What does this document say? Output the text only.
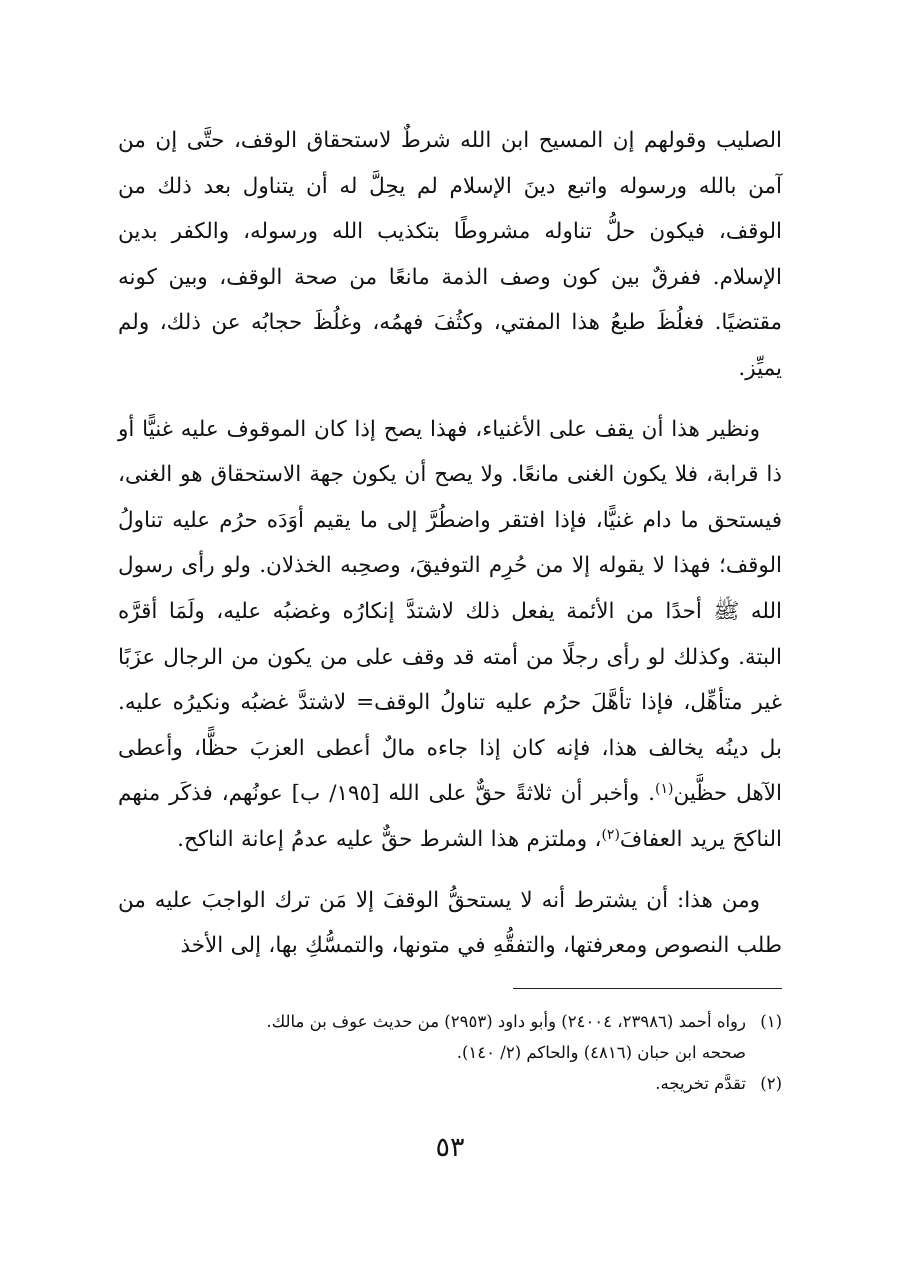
الصليب وقولهم إن المسيح ابن الله شرطٌ لاستحقاق الوقف، حتَّى إن من آمن بالله ورسوله واتبع دينَ الإسلام لم يحِلَّ له أن يتناول بعد ذلك من الوقف، فيكون حلُّ تناوله مشروطًا بتكذيب الله ورسوله، والكفر بدين الإسلام. ففرقٌ بين كون وصف الذمة مانعًا من صحة الوقف، وبين كونه مقتضيًا. فغلُظَ طبعُ هذا المفتي، وكثُفَ فهمُه، وغلُظَ حجابُه عن ذلك، ولم يميِّز.

ونظير هذا أن يقف على الأغنياء، فهذا يصح إذا كان الموقوف عليه غنيًّا أو ذا قرابة، فلا يكون الغنى مانعًا. ولا يصح أن يكون جهة الاستحقاق هو الغنى، فيستحق ما دام غنيًّا، فإذا افتقر واضطُرَّ إلى ما يقيم أوَدَه حرُم عليه تناولُ الوقف؛ فهذا لا يقوله إلا من حُرِم التوفيقَ، وصحِبه الخذلان. ولو رأى رسول الله ﷺ أحدًا من الأئمة يفعل ذلك لاشتدَّ إنكارُه وغضبُه عليه، ولَمَا أقرَّه البتة. وكذلك لو رأى رجلًا من أمته قد وقف على من يكون من الرجال عزَبًا غير متأهِّل، فإذا تأهَّلَ حرُم عليه تناولُ الوقف= لاشتدَّ غضبُه ونكيرُه عليه. بل دينُه يخالف هذا، فإنه كان إذا جاءه مالٌ أعطى العزبَ حظًّا، وأعطى الآهل حظَّين$^{(١)}$. وأخبر أن ثلاثةً حقٌّ على الله [١٩٥/ ب] عونُهم، فذكَر منهم الناكحَ يريد العفافَ$^{(٢)}$، وملتزم هذا الشرط حقٌّ عليه عدمُ إعانة الناكح.

ومن هذا: أن يشترط أنه لا يستحقُّ الوقفَ إلا مَن ترك الواجبَ عليه من طلب النصوص ومعرفتها، والتفقُّهِ في متونها، والتمسُّكِ بها، إلى الأخذ

(١)رواه أحمد (٢٣٩٨٦، ٢٤٠٠٤) وأبو داود (٢٩٥٣) من حديث عوف بن مالك.

صححه ابن حبان (٤٨١٦) والحاكم (٢/ ١٤٠).

(٢)تقدَّم تخريجه.

٥٣
